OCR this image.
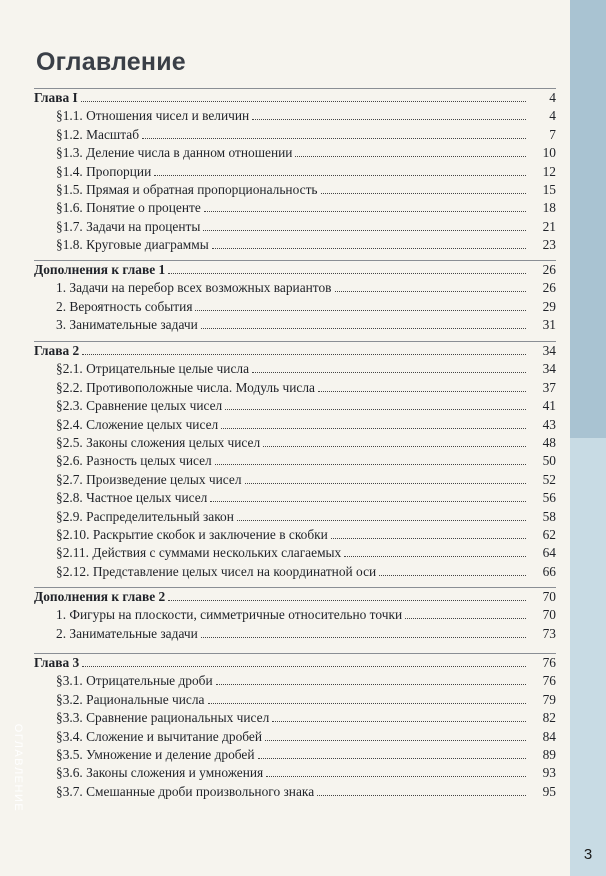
Оглавление
ОГЛАВЛЕНИЕ
3
Глава I	4
§1.1. Отношения чисел и величин	4
§1.2. Масштаб	7
§1.3. Деление числа в данном отношении	10
§1.4. Пропорции	12
§1.5. Прямая и обратная пропорциональность	15
§1.6. Понятие о проценте	18
§1.7. Задачи на проценты	21
§1.8. Круговые диаграммы	23
Дополнения к главе 1	26
1. Задачи на перебор всех возможных вариантов	26
2. Вероятность события	29
3. Занимательные задачи	31
Глава 2	34
§2.1. Отрицательные целые числа	34
§2.2. Противоположные числа. Модуль числа	37
§2.3. Сравнение целых чисел	41
§2.4. Сложение целых чисел	43
§2.5. Законы сложения целых чисел	48
§2.6. Разность целых чисел	50
§2.7. Произведение целых чисел	52
§2.8. Частное целых чисел	56
§2.9. Распределительный закон	58
§2.10. Раскрытие скобок и заключение в скобки	62
§2.11. Действия с суммами нескольких слагаемых	64
§2.12. Представление целых чисел на координатной оси	66
Дополнения к главе 2	70
1. Фигуры на плоскости, симметричные относительно точки	70
2. Занимательные задачи	73
Глава 3	76
§3.1. Отрицательные дроби	76
§3.2. Рациональные числа	79
§3.3. Сравнение рациональных чисел	82
§3.4. Сложение и вычитание дробей	84
§3.5. Умножение и деление дробей	89
§3.6. Законы сложения и умножения	93
§3.7. Смешанные дроби произвольного знака	95
